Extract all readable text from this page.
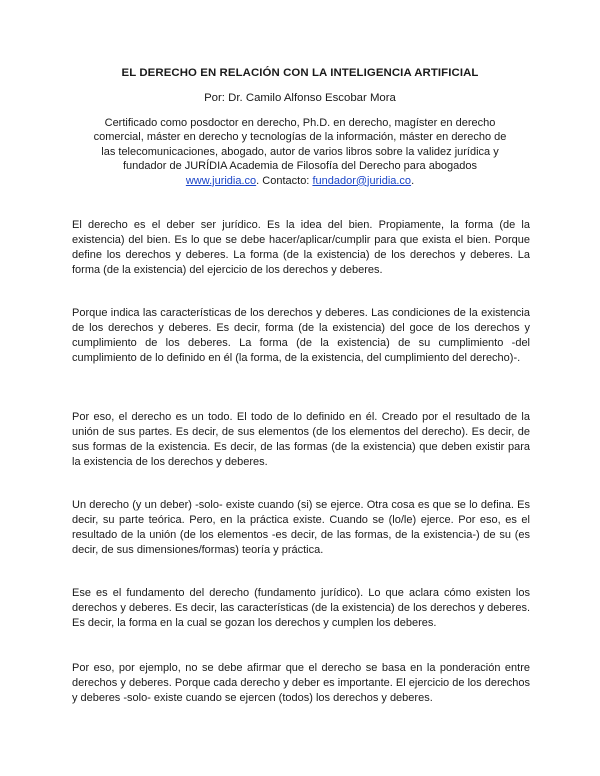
EL DERECHO EN RELACIÓN CON LA INTELIGENCIA ARTIFICIAL

Por: Dr. Camilo Alfonso Escobar Mora

Certificado como posdoctor en derecho, Ph.D. en derecho, magíster en derecho comercial, máster en derecho y tecnologías de la información, máster en derecho de las telecomunicaciones, abogado, autor de varios libros sobre la validez jurídica y fundador de JURÍDIA Academia de Filosofía del Derecho para abogados www.juridia.co. Contacto: fundador@juridia.co.

El derecho es el deber ser jurídico. Es la idea del bien. Propiamente, la forma (de la existencia) del bien. Es lo que se debe hacer/aplicar/cumplir para que exista el bien. Porque define los derechos y deberes. La forma (de la existencia) de los derechos y deberes. La forma (de la existencia) del ejercicio de los derechos y deberes.

Porque indica las características de los derechos y deberes. Las condiciones de la existencia de los derechos y deberes. Es decir, forma (de la existencia) del goce de los derechos y cumplimiento de los deberes. La forma (de la existencia) de su cumplimiento -del cumplimiento de lo definido en él (la forma, de la existencia, del cumplimiento del derecho)-.

Por eso, el derecho es un todo. El todo de lo definido en él. Creado por el resultado de la unión de sus partes. Es decir, de sus elementos (de los elementos del derecho). Es decir, de sus formas de la existencia. Es decir, de las formas (de la existencia) que deben existir para la existencia de los derechos y deberes.

Un derecho (y un deber) -solo- existe cuando (si) se ejerce. Otra cosa es que se lo defina. Es decir, su parte teórica. Pero, en la práctica existe. Cuando se (lo/le) ejerce. Por eso, es el resultado de la unión (de los elementos -es decir, de las formas, de la existencia-) de su (es decir, de sus dimensiones/formas) teoría y práctica.

Ese es el fundamento del derecho (fundamento jurídico). Lo que aclara cómo existen los derechos y deberes. Es decir, las características (de la existencia) de los derechos y deberes. Es decir, la forma en la cual se gozan los derechos y cumplen los deberes.

Por eso, por ejemplo, no se debe afirmar que el derecho se basa en la ponderación entre derechos y deberes. Porque cada derecho y deber es importante. El ejercicio de los derechos y deberes -solo- existe cuando se ejercen (todos) los derechos y deberes.
